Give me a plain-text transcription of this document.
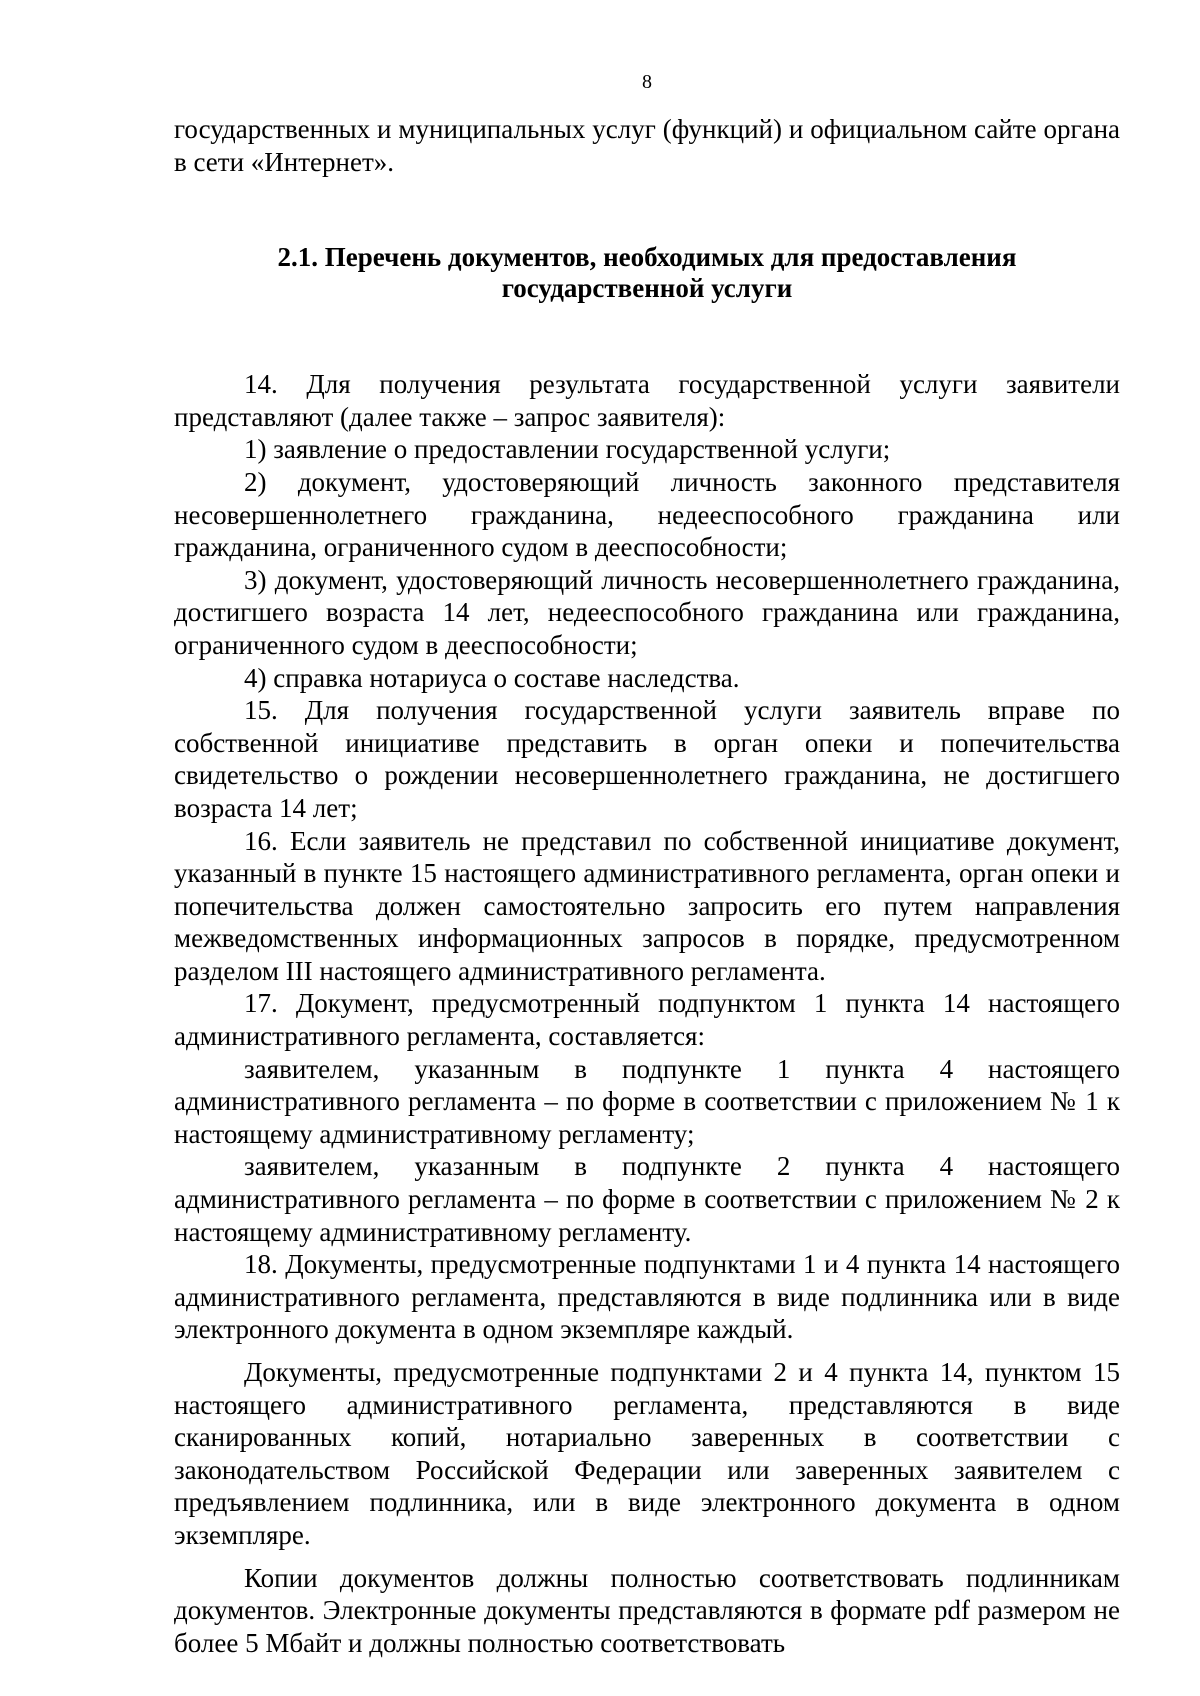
8

государственных и муниципальных услуг (функций) и официальном сайте органа в сети «Интернет».

2.1. Перечень документов, необходимых для предоставления
государственной услуги

14. Для получения результата государственной услуги заявители представляют (далее также – запрос заявителя):

1) заявление о предоставлении государственной услуги;

2) документ, удостоверяющий личность законного представителя несовершеннолетнего гражданина, недееспособного гражданина или гражданина, ограниченного судом в дееспособности;

3) документ, удостоверяющий личность несовершеннолетнего гражданина, достигшего возраста 14 лет, недееспособного гражданина или гражданина, ограниченного судом в дееспособности;

4) справка нотариуса о составе наследства.

15. Для получения государственной услуги заявитель вправе по собственной инициативе представить в орган опеки и попечительства свидетельство о рождении несовершеннолетнего гражданина, не достигшего возраста 14 лет;

16. Если заявитель не представил по собственной инициативе документ, указанный в пункте 15 настоящего административного регламента, орган опеки и попечительства должен самостоятельно запросить его путем направления межведомственных информационных запросов в порядке, предусмотренном разделом III настоящего административного регламента.

17. Документ, предусмотренный подпунктом 1 пункта 14 настоящего административного регламента, составляется:

заявителем, указанным в подпункте 1 пункта 4 настоящего административного регламента – по форме в соответствии с приложением № 1 к настоящему административному регламенту;

заявителем, указанным в подпункте 2 пункта 4 настоящего административного регламента – по форме в соответствии с приложением № 2 к настоящему административному регламенту.

18. Документы, предусмотренные подпунктами 1 и 4 пункта 14 настоящего административного регламента, представляются в виде подлинника или в виде электронного документа в одном экземпляре каждый.

Документы, предусмотренные подпунктами 2 и 4 пункта 14, пунктом 15 настоящего административного регламента, представляются в виде сканированных копий, нотариально заверенных в соответствии с законодательством Российской Федерации или заверенных заявителем с предъявлением подлинника, или в виде электронного документа в одном экземпляре.

Копии документов должны полностью соответствовать подлинникам документов. Электронные документы представляются в формате pdf размером не более 5 Мбайт и должны полностью соответствовать
